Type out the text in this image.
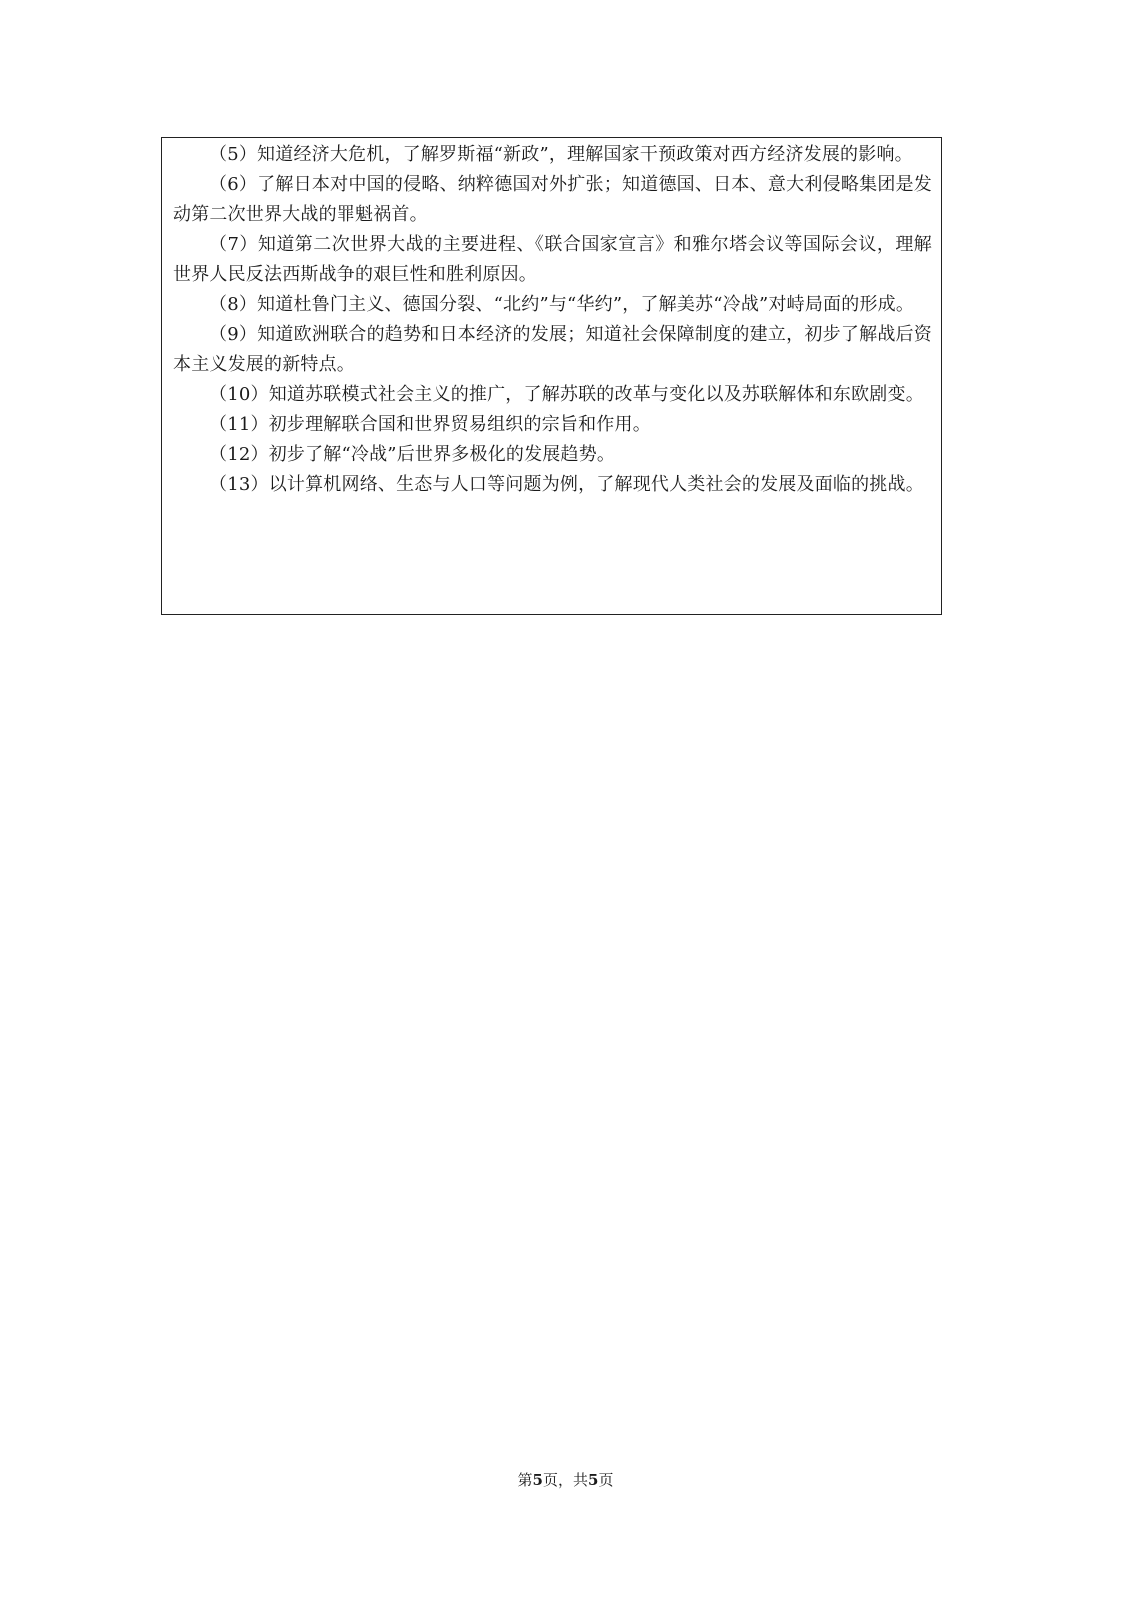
（5）知道经济大危机，了解罗斯福“新政”，理解国家干预政策对西方经济发展的影响。

（6）了解日本对中国的侵略、纳粹德国对外扩张；知道德国、日本、意大利侵略集团是发动第二次世界大战的罪魁祸首。

（7）知道第二次世界大战的主要进程、《联合国家宣言》和雅尔塔会议等国际会议，理解世界人民反法西斯战争的艰巨性和胜利原因。

（8）知道杜鲁门主义、德国分裂、“北约”与“华约”，了解美苏“冷战”对峙局面的形成。

（9）知道欧洲联合的趋势和日本经济的发展；知道社会保障制度的建立，初步了解战后资本主义发展的新特点。

（10）知道苏联模式社会主义的推广，了解苏联的改革与变化以及苏联解体和东欧剧变。

（11）初步理解联合国和世界贸易组织的宗旨和作用。

（12）初步了解“冷战”后世界多极化的发展趋势。

（13）以计算机网络、生态与人口等问题为例，了解现代人类社会的发展及面临的挑战。

第5页，共5页
